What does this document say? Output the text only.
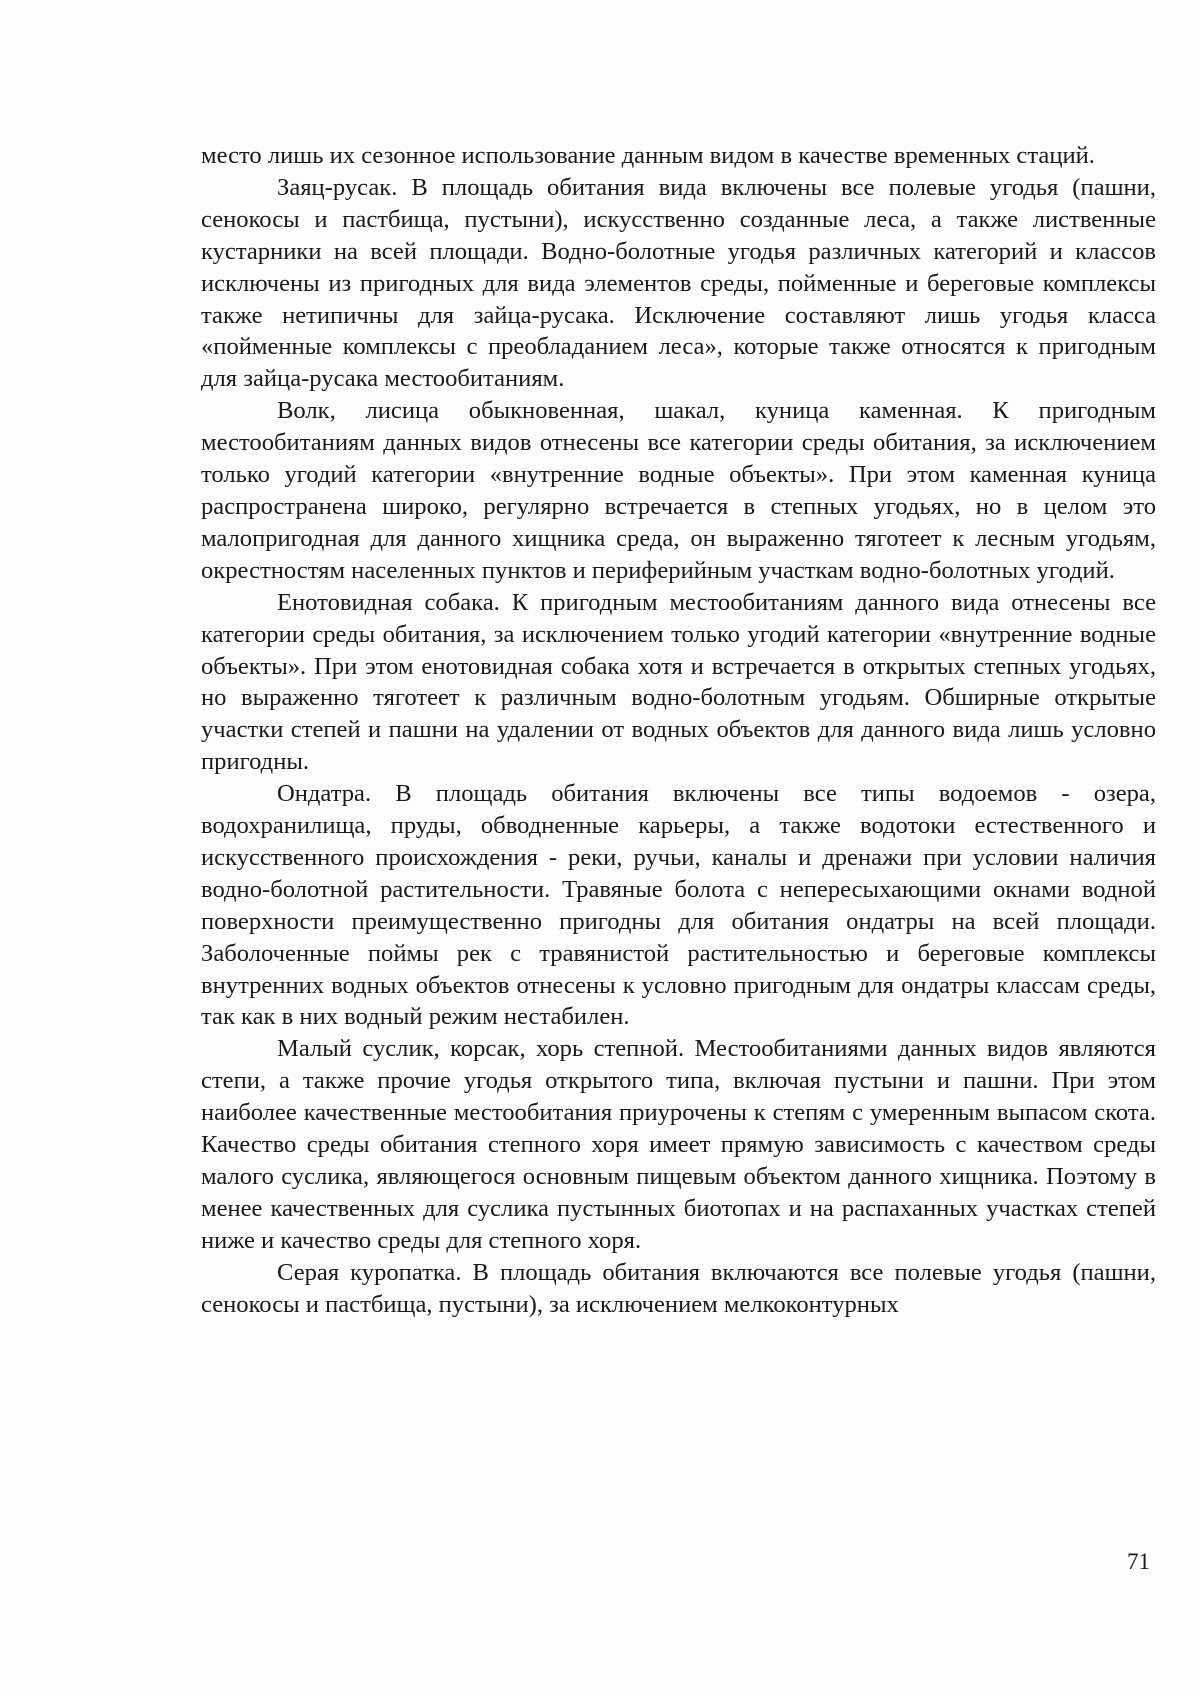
место лишь их сезонное использование данным видом в качестве временных стаций.

Заяц-русак. В площадь обитания вида включены все полевые угодья (пашни, сенокосы и пастбища, пустыни), искусственно созданные леса, а также лиственные кустарники на всей площади. Водно-болотные угодья различных категорий и классов исключены из пригодных для вида элементов среды, пойменные и береговые комплексы также нетипичны для зайца-русака. Исключение составляют лишь угодья класса «пойменные комплексы с преобладанием леса», которые также относятся к пригодным для зайца-русака местообитаниям.

Волк, лисица обыкновенная, шакал, куница каменная. К пригодным местообитаниям данных видов отнесены все категории среды обитания, за исключением только угодий категории «внутренние водные объекты». При этом каменная куница распространена широко, регулярно встречается в степных угодьях, но в целом это малопригодная для данного хищника среда, он выраженно тяготеет к лесным угодьям, окрестностям населенных пунктов и периферийным участкам водно-болотных угодий.

Енотовидная собака. К пригодным местообитаниям данного вида отнесены все категории среды обитания, за исключением только угодий категории «внутренние водные объекты». При этом енотовидная собака хотя и встречается в открытых степных угодьях, но выраженно тяготеет к различным водно-болотным угодьям. Обширные открытые участки степей и пашни на удалении от водных объектов для данного вида лишь условно пригодны.

Ондатра. В площадь обитания включены все типы водоемов - озера, водохранилища, пруды, обводненные карьеры, а также водотоки естественного и искусственного происхождения - реки, ручьи, каналы и дренажи при условии наличия водно-болотной растительности. Травяные болота с непересыхающими окнами водной поверхности преимущественно пригодны для обитания ондатры на всей площади. Заболоченные поймы рек с травянистой растительностью и береговые комплексы внутренних водных объектов отнесены к условно пригодным для ондатры классам среды, так как в них водный режим нестабилен.

Малый суслик, корсак, хорь степной. Местообитаниями данных видов являются степи, а также прочие угодья открытого типа, включая пустыни и пашни. При этом наиболее качественные местообитания приурочены к степям с умеренным выпасом скота. Качество среды обитания степного хоря имеет прямую зависимость с качеством среды малого суслика, являющегося основным пищевым объектом данного хищника. Поэтому в менее качественных для суслика пустынных биотопах и на распаханных участках степей ниже и качество среды для степного хоря.

Серая куропатка. В площадь обитания включаются все полевые угодья (пашни, сенокосы и пастбища, пустыни), за исключением мелкоконтурных

71
